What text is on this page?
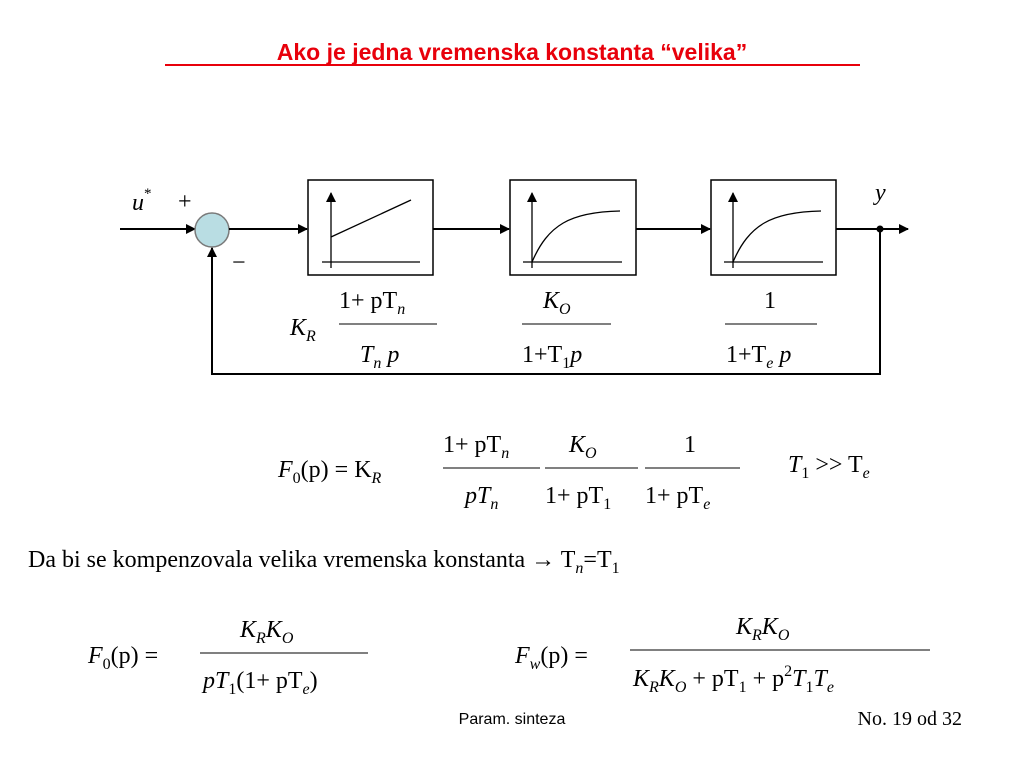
Ako je jedna vremenska konstanta “velika”
u* +
−
y
$K_R$
$1+ pT_n$
$T_n$ p
$K_O$
$1+T_1p$
1
$1+T_e$ p
$F_0(p) = K_R$
$1+ pT_n$
$pT_n$
$K_O$
$1+ pT_1$
1
$1+ pT_e$
$T_1 >> T_e$
Da bi se kompenzovala velika vremenska konstanta → $T_n=T_1$
$F_0(p)$ =
$K_RK_O$
$pT_1(1+ pT_e)$
$F_w(p)$ =
$K_RK_O$
$K_RK_O + pT_1 + p^2T_1T_e$
Param. sinteza	No. 19 od 32
